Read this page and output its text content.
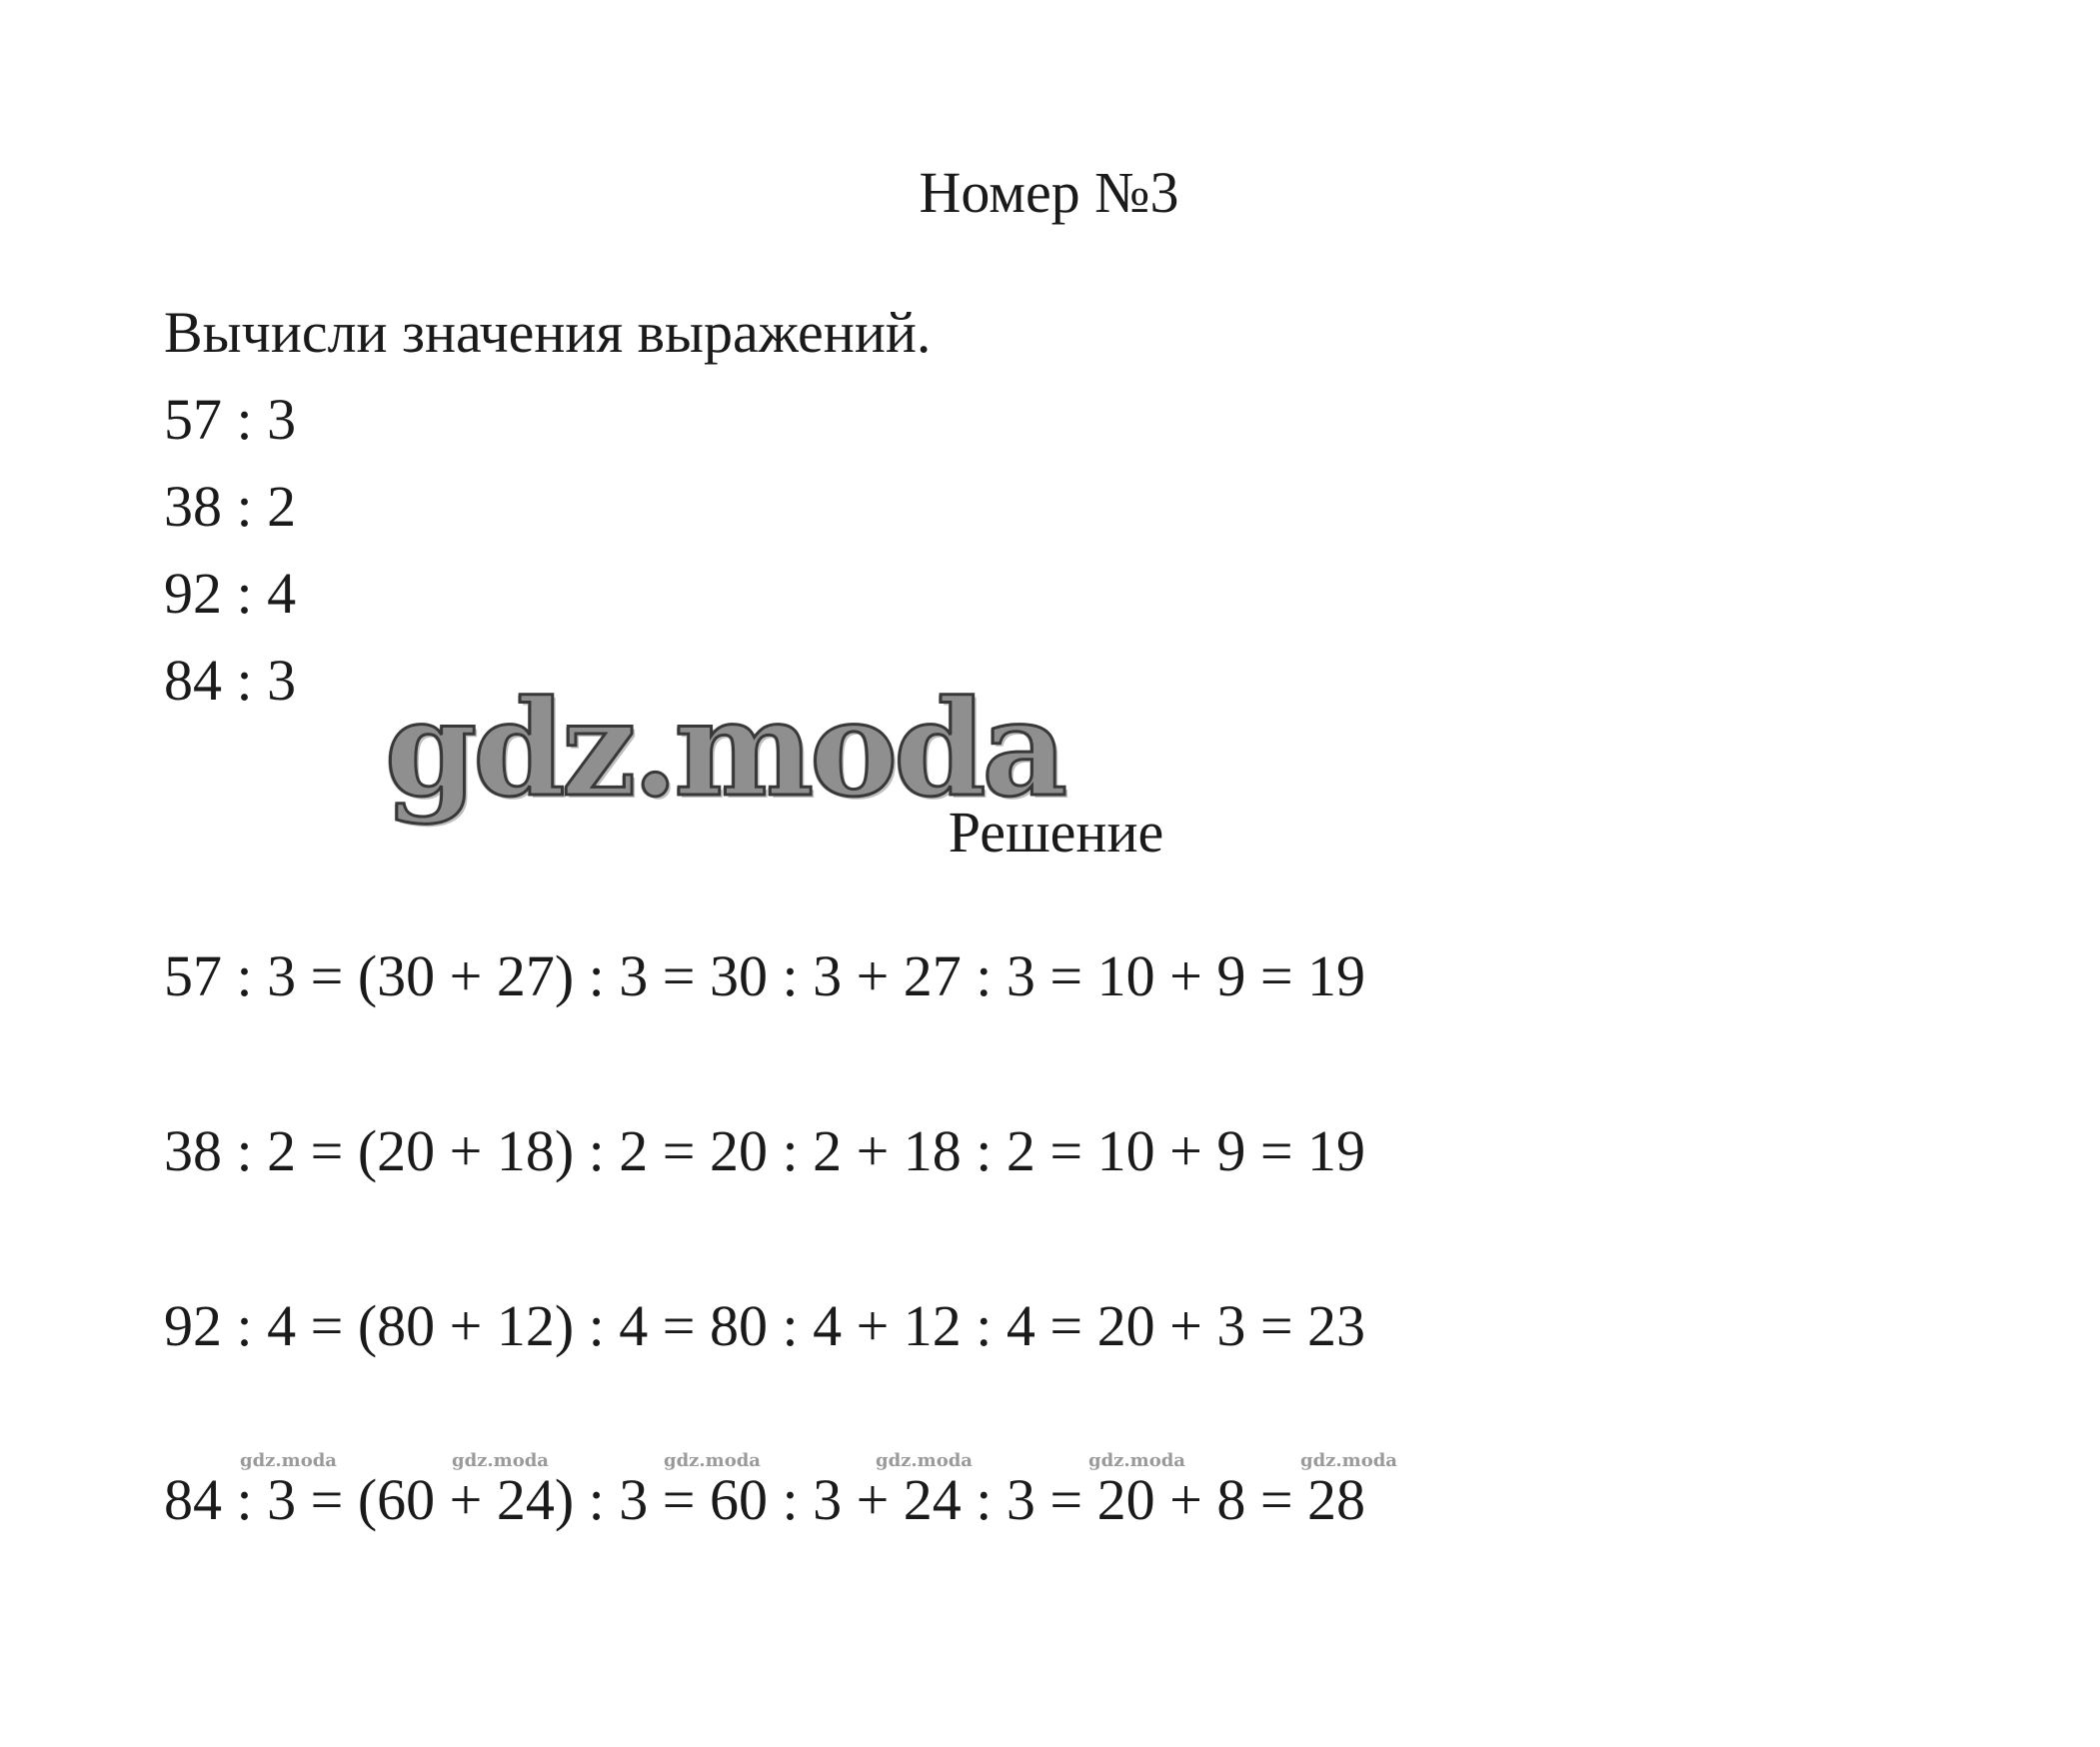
Номер №3
Вычисли значения выражений.
57 : 3
38 : 2
92 : 4
84 : 3 gdz.moda
Решение
57 : 3 = (30 + 27) : 3 = 30 : 3 + 27 : 3 = 10 + 9 = 19
38 : 2 = (20 + 18) : 2 = 20 : 2 + 18 : 2 = 10 + 9 = 19
92 : 4 = (80 + 12) : 4 = 80 : 4 + 12 : 4 = 20 + 3 = 23
84 : 3 = (60 + 24) : 3 = 60 : 3 + 24 : 3 = 20 + 8 = 28
gdz.moda	gdz.moda	gdz.moda	gdz.moda	gdz.moda	gdz.moda
